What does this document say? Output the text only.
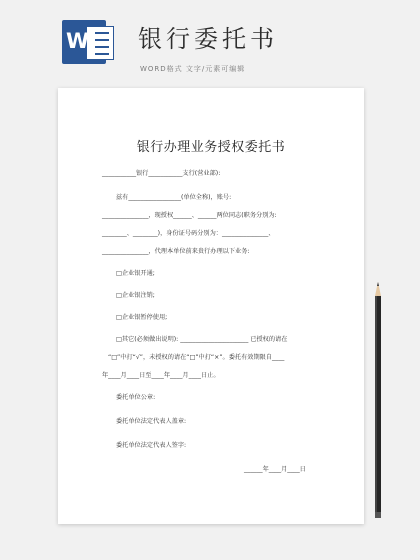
W 银行委托书
WORD格式 文字/元素可编辑
银行办理业务授权委托书
___________银行___________支行(营业部):
兹有_________________(单位全称)，账号:
_______________，现授权______、______两位同志(职务分别为:
________、________)，身份证号码分别为：_______________、
_______________，代理本单位前来贵行办理以下业务:
□企业银开通;
□企业银注销;
□企业银暂停使用;
□其它(必须做出说明): ______________________ 已授权的请在
“□”中打“√”，未授权的请在“□”中打“×”。委托有效期限自____
年____月____日至____年____月____日止。
委托单位公章:
委托单位法定代表人盖章:
委托单位法定代表人签字:
______年____月____日
